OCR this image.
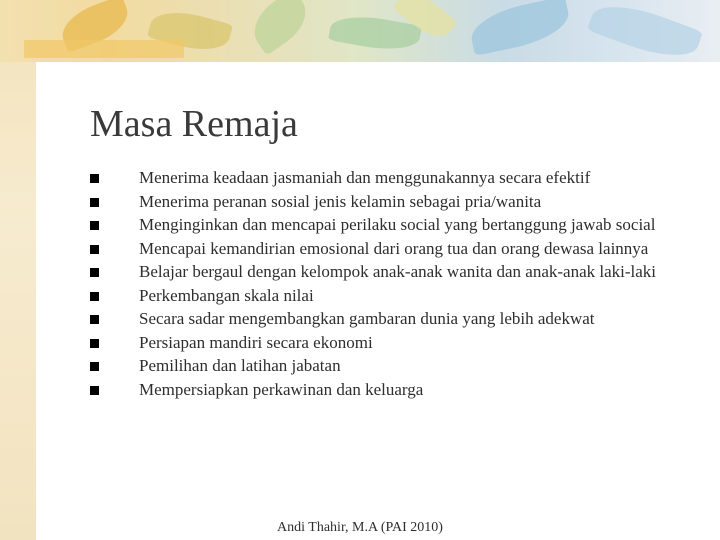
Masa Remaja
Menerima keadaan jasmaniah dan menggunakannya secara efektif
Menerima peranan sosial jenis kelamin sebagai pria/wanita
Menginginkan dan mencapai perilaku social yang bertanggung jawab social
Mencapai kemandirian emosional dari orang tua dan orang dewasa lainnya
Belajar bergaul dengan kelompok anak-anak wanita dan anak-anak laki-laki
Perkembangan skala nilai
Secara sadar mengembangkan gambaran dunia yang lebih adekwat
Persiapan mandiri secara ekonomi
Pemilihan dan latihan jabatan
Mempersiapkan perkawinan dan keluarga
Andi Thahir, M.A (PAI 2010)
